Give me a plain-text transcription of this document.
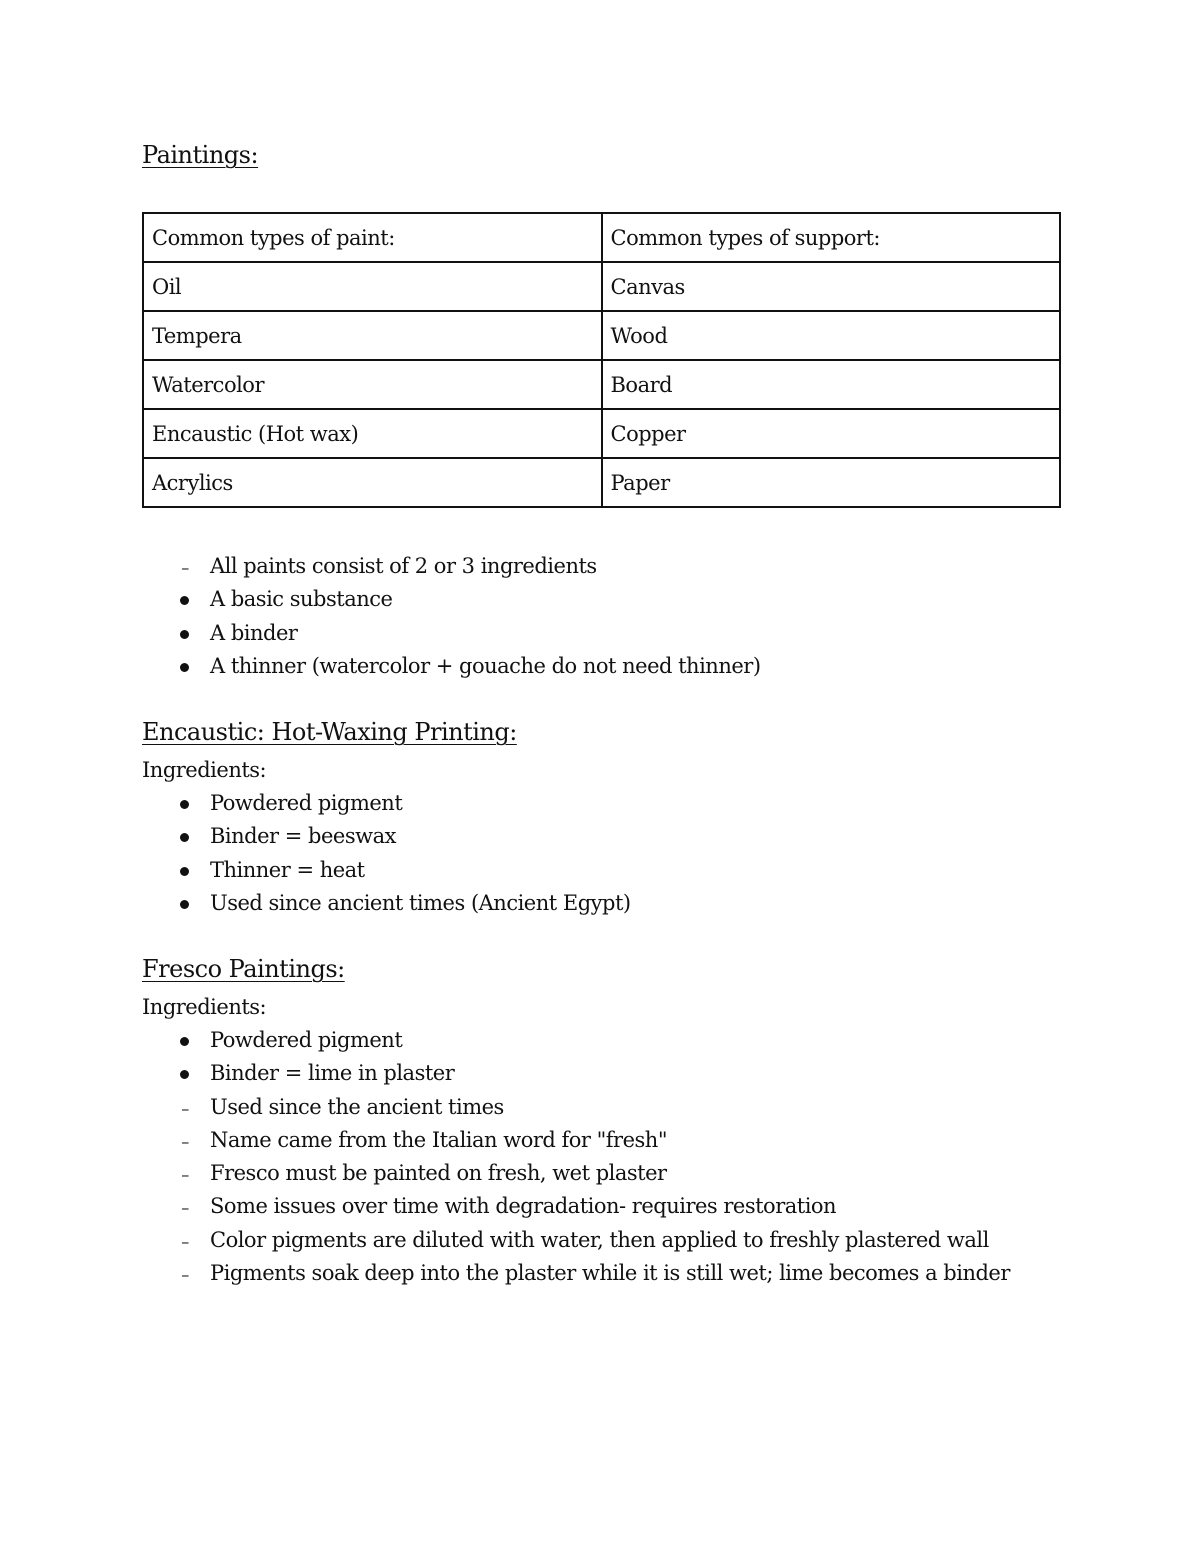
Paintings:
Common types of paint:	Common types of support:
Oil	Canvas
Tempera	Wood
Watercolor	Board
Encaustic (Hot wax)	Copper
Acrylics	Paper
–
All paints consist of 2 or 3 ingredients
A basic substance
A binder
A thinner (watercolor + gouache do not need thinner)
Encaustic: Hot-Waxing Printing:
Ingredients:
Powdered pigment
Binder = beeswax
Thinner = heat
Used since ancient times (Ancient Egypt)
Fresco Paintings:
Ingredients:
Powdered pigment
Binder = lime in plaster
–
Used since the ancient times
–
Name came from the Italian word for "fresh"
–
Fresco must be painted on fresh, wet plaster
–
Some issues over time with degradation- requires restoration
–
Color pigments are diluted with water, then applied to freshly plastered wall
–
Pigments soak deep into the plaster while it is still wet; lime becomes a binder
